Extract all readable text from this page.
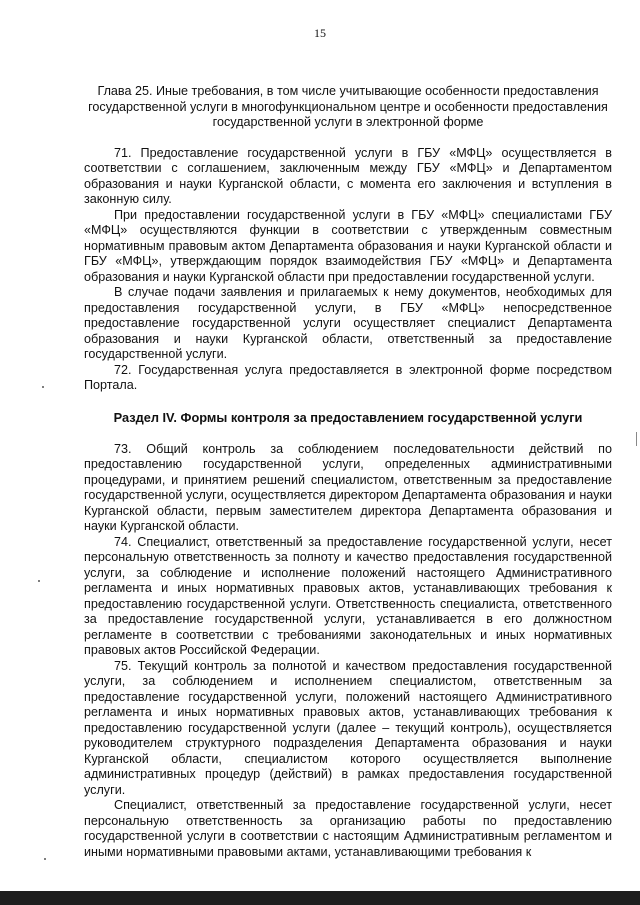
15

Глава 25. Иные требования, в том числе учитывающие особенности предоставления государственной услуги в многофункциональном центре и особенности предоставления государственной услуги в электронной форме

71. Предоставление государственной услуги в ГБУ «МФЦ» осуществляется в соответствии с соглашением, заключенным между ГБУ «МФЦ» и Департаментом образования и науки Курганской области, с момента его заключения и вступления в законную силу.

При предоставлении государственной услуги в ГБУ «МФЦ» специалистами ГБУ «МФЦ» осуществляются функции в соответствии с утвержденным совместным нормативным правовым актом Департамента образования и науки Курганской области и ГБУ «МФЦ», утверждающим порядок взаимодействия ГБУ «МФЦ» и Департамента образования и науки Курганской области при предоставлении государственной услуги.

В случае подачи заявления и прилагаемых к нему документов, необходимых для предоставления государственной услуги, в ГБУ «МФЦ» непосредственное предоставление государственной услуги осуществляет специалист Департамента образования и науки Курганской области, ответственный за предоставление государственной услуги.

72. Государственная услуга предоставляется в электронной форме посредством Портала.

Раздел IV. Формы контроля за предоставлением государственной услуги

73. Общий контроль за соблюдением последовательности действий по предоставлению государственной услуги, определенных административными процедурами, и принятием решений специалистом, ответственным за предоставление государственной услуги, осуществляется директором Департамента образования и науки Курганской области, первым заместителем директора Департамента образования и науки Курганской области.

74. Специалист, ответственный за предоставление государственной услуги, несет персональную ответственность за полноту и качество предоставления государственной услуги, за соблюдение и исполнение положений настоящего Административного регламента и иных нормативных правовых актов, устанавливающих требования к предоставлению государственной услуги. Ответственность специалиста, ответственного за предоставление государственной услуги, устанавливается в его должностном регламенте в соответствии с требованиями законодательных и иных нормативных правовых актов Российской Федерации.

75. Текущий контроль за полнотой и качеством предоставления государственной услуги, за соблюдением и исполнением специалистом, ответственным за предоставление государственной услуги, положений настоящего Административного регламента и иных нормативных правовых актов, устанавливающих требования к предоставлению государственной услуги (далее – текущий контроль), осуществляется руководителем структурного подразделения Департамента образования и науки Курганской области, специалистом которого осуществляется выполнение административных процедур (действий) в рамках предоставления государственной услуги.

Специалист, ответственный за предоставление государственной услуги, несет персональную ответственность за организацию работы по предоставлению государственной услуги в соответствии с настоящим Административным регламентом и иными нормативными правовыми актами, устанавливающими требования к
